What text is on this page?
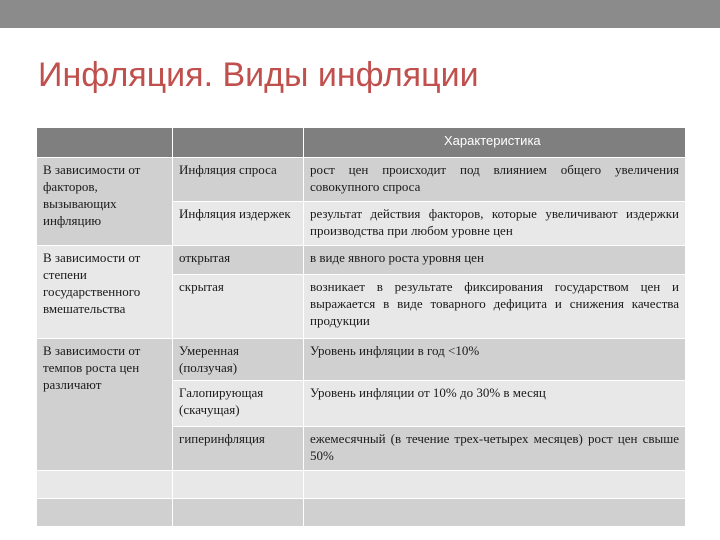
Инфляция. Виды инфляции
		Характеристика
В зависимости от факторов, вызывающих инфляцию	Инфляция спроса	рост цен происходит под влиянием общего увеличения совокупного спроса
	Инфляция издержек	результат действия факторов, которые увеличивают издержки производства при любом уровне цен
В зависимости от степени государственного вмешательства	открытая	в виде явного роста уровня цен
	скрытая	возникает в результате фиксирования государством цен и выражается в виде товарного дефицита и снижения качества продукции
В зависимости от темпов роста цен различают	Умеренная (ползучая)	Уровень инфляции в год <10%
	Галопирующая (скачущая)	Уровень инфляции от 10% до 30% в месяц
	гиперинфляция	ежемесячный (в течение трех-четырех месяцев) рост цен свыше 50%
